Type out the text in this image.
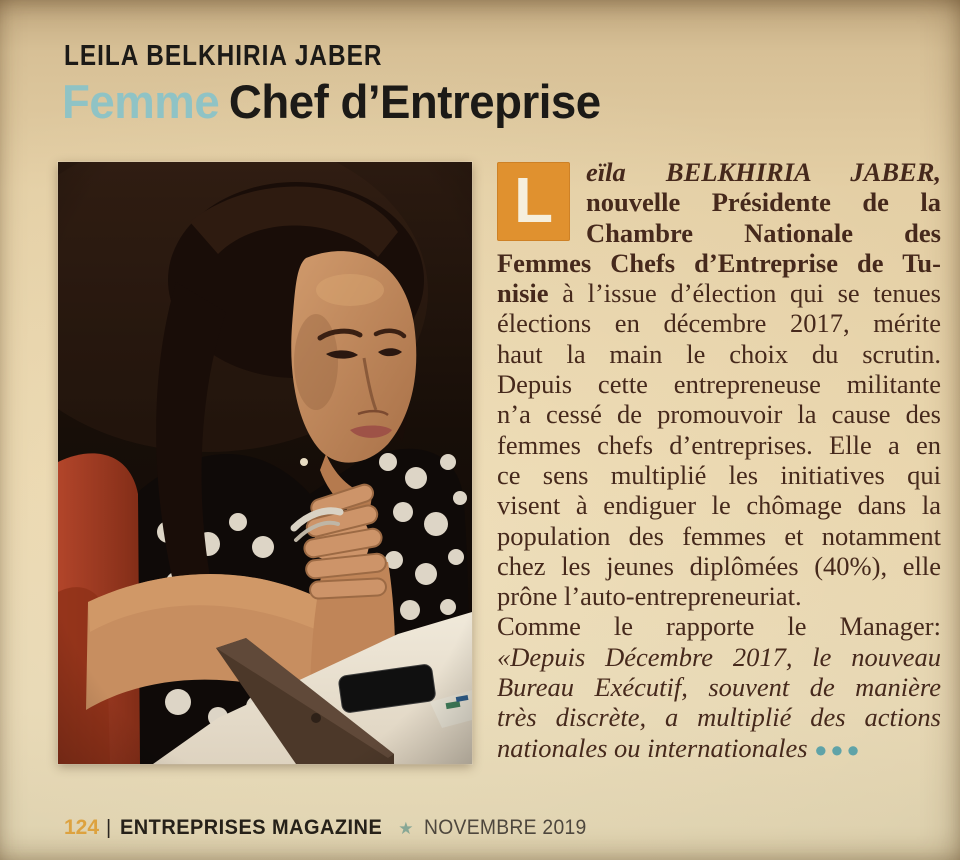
LEILA BELKHIRIA JABER
Femme Chef d’Entreprise
L	eïla BELKHIRIA JABER,
nouvelle Présidente de la
Chambre Nationale des
Femmes Chefs d’Entreprise de Tu-
nisie à l’issue d’élection qui se tenues
élections en décembre 2017, mérite
haut la main le choix du scrutin.
Depuis cette entrepreneuse militante
n’a cessé de promouvoir la cause des
femmes chefs d’entreprises. Elle a en
ce sens multiplié les initiatives qui
visent à endiguer le chômage dans la
population des femmes et notamment
chez les jeunes diplômées (40%), elle
prône l’auto-entrepreneuriat.
Comme le rapporte le Manager:
«Depuis Décembre 2017, le nouveau
Bureau Exécutif, souvent de manière
très discrète, a multiplié des actions
nationales ou internationales ●●●
124 | ENTREPRISES MAGAZINE ★ NOVEMBRE 2019
